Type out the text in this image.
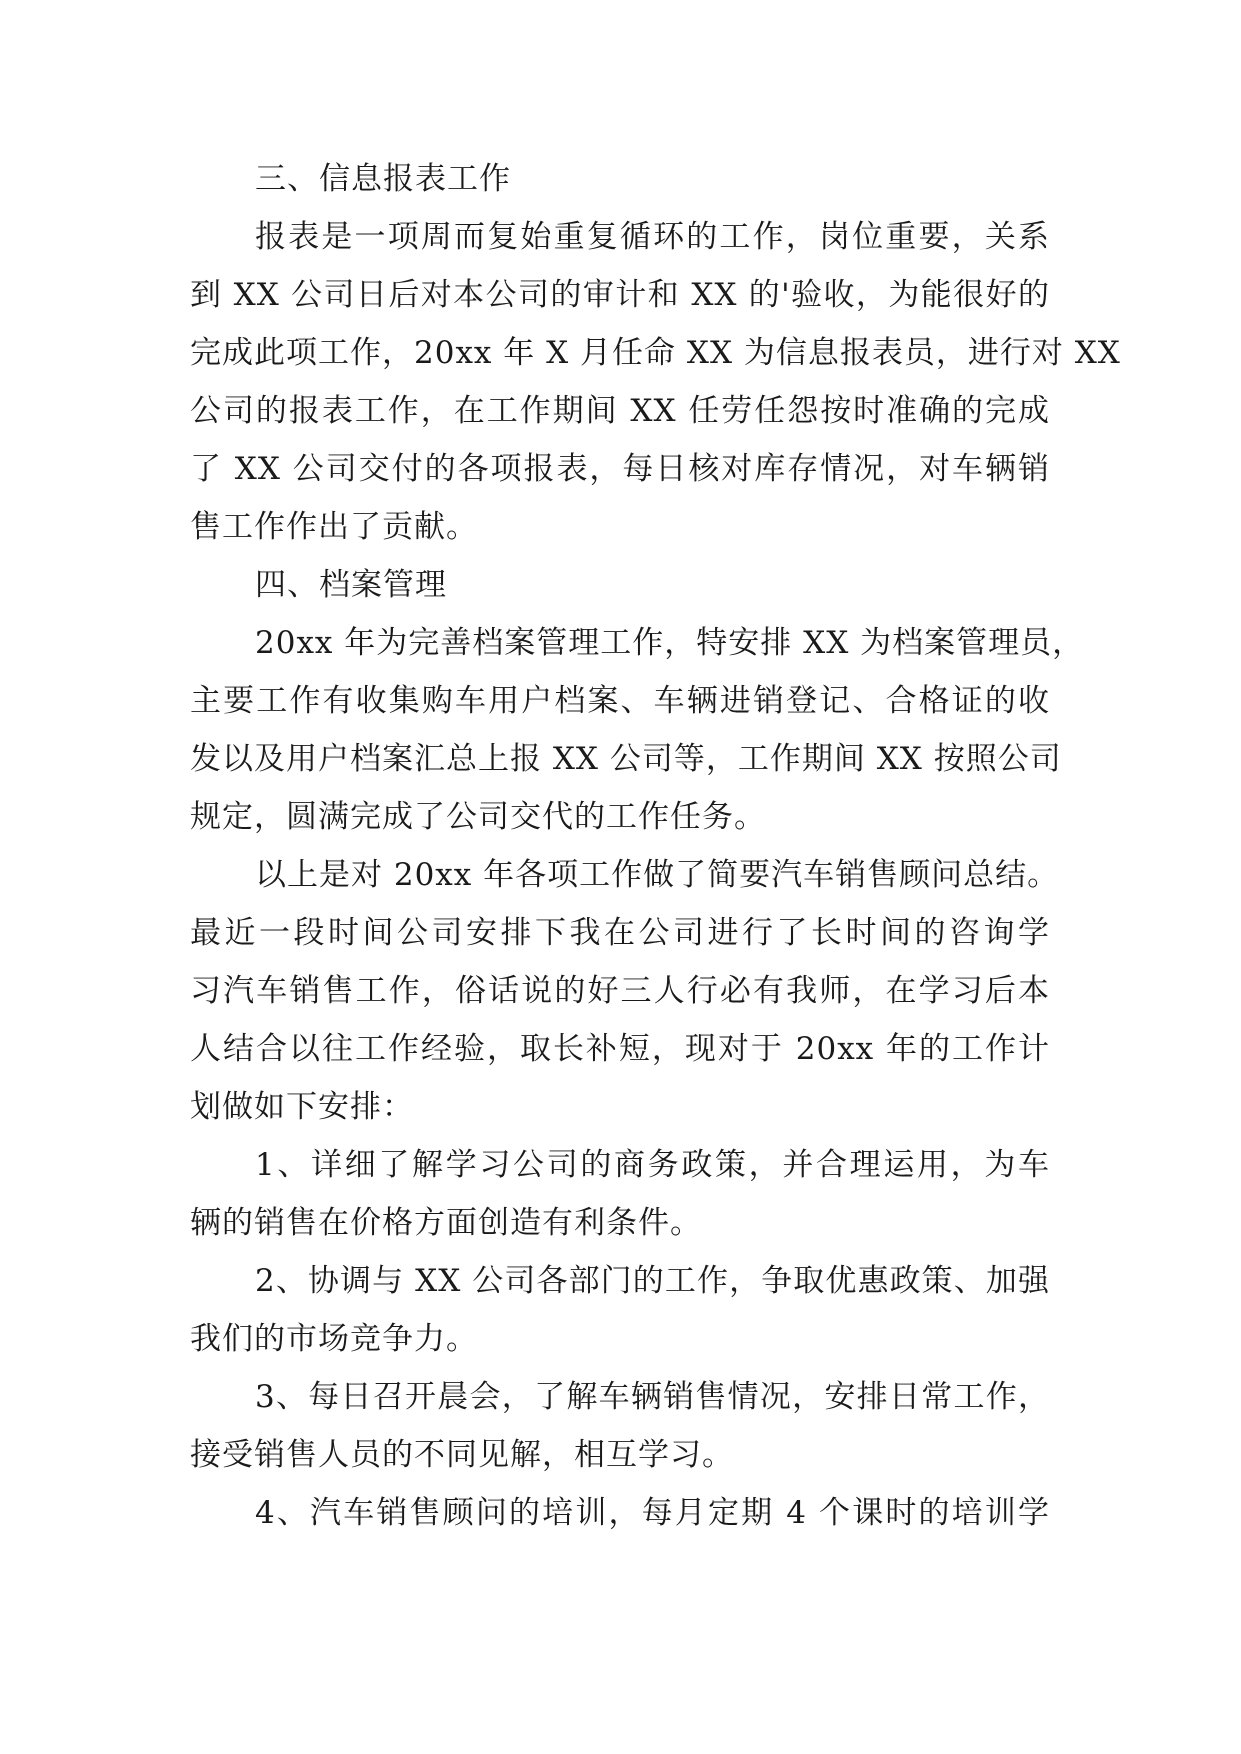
三、信息报表工作
报表是一项周而复始重复循环的工作，岗位重要，关系
到 XX 公司日后对本公司的审计和 XX 的'验收，为能很好的
完成此项工作，20xx 年 X 月任命 XX 为信息报表员，进行对 XX
公司的报表工作，在工作期间 XX 任劳任怨按时准确的完成
了 XX 公司交付的各项报表，每日核对库存情况，对车辆销
售工作作出了贡献。
四、档案管理
20xx 年为完善档案管理工作，特安排 XX 为档案管理员，
主要工作有收集购车用户档案、车辆进销登记、合格证的收
发以及用户档案汇总上报 XX 公司等，工作期间 XX 按照公司
规定，圆满完成了公司交代的工作任务。
以上是对 20xx 年各项工作做了简要汽车销售顾问总结。
最近一段时间公司安排下我在公司进行了长时间的咨询学
习汽车销售工作，俗话说的好三人行必有我师，在学习后本
人结合以往工作经验，取长补短，现对于 20xx 年的工作计
划做如下安排：
1、详细了解学习公司的商务政策，并合理运用，为车
辆的销售在价格方面创造有利条件。
2、协调与 XX 公司各部门的工作，争取优惠政策、加强
我们的市场竞争力。
3、每日召开晨会，了解车辆销售情况，安排日常工作，
接受销售人员的不同见解，相互学习。
4、汽车销售顾问的培训，每月定期 4 个课时的培训学
